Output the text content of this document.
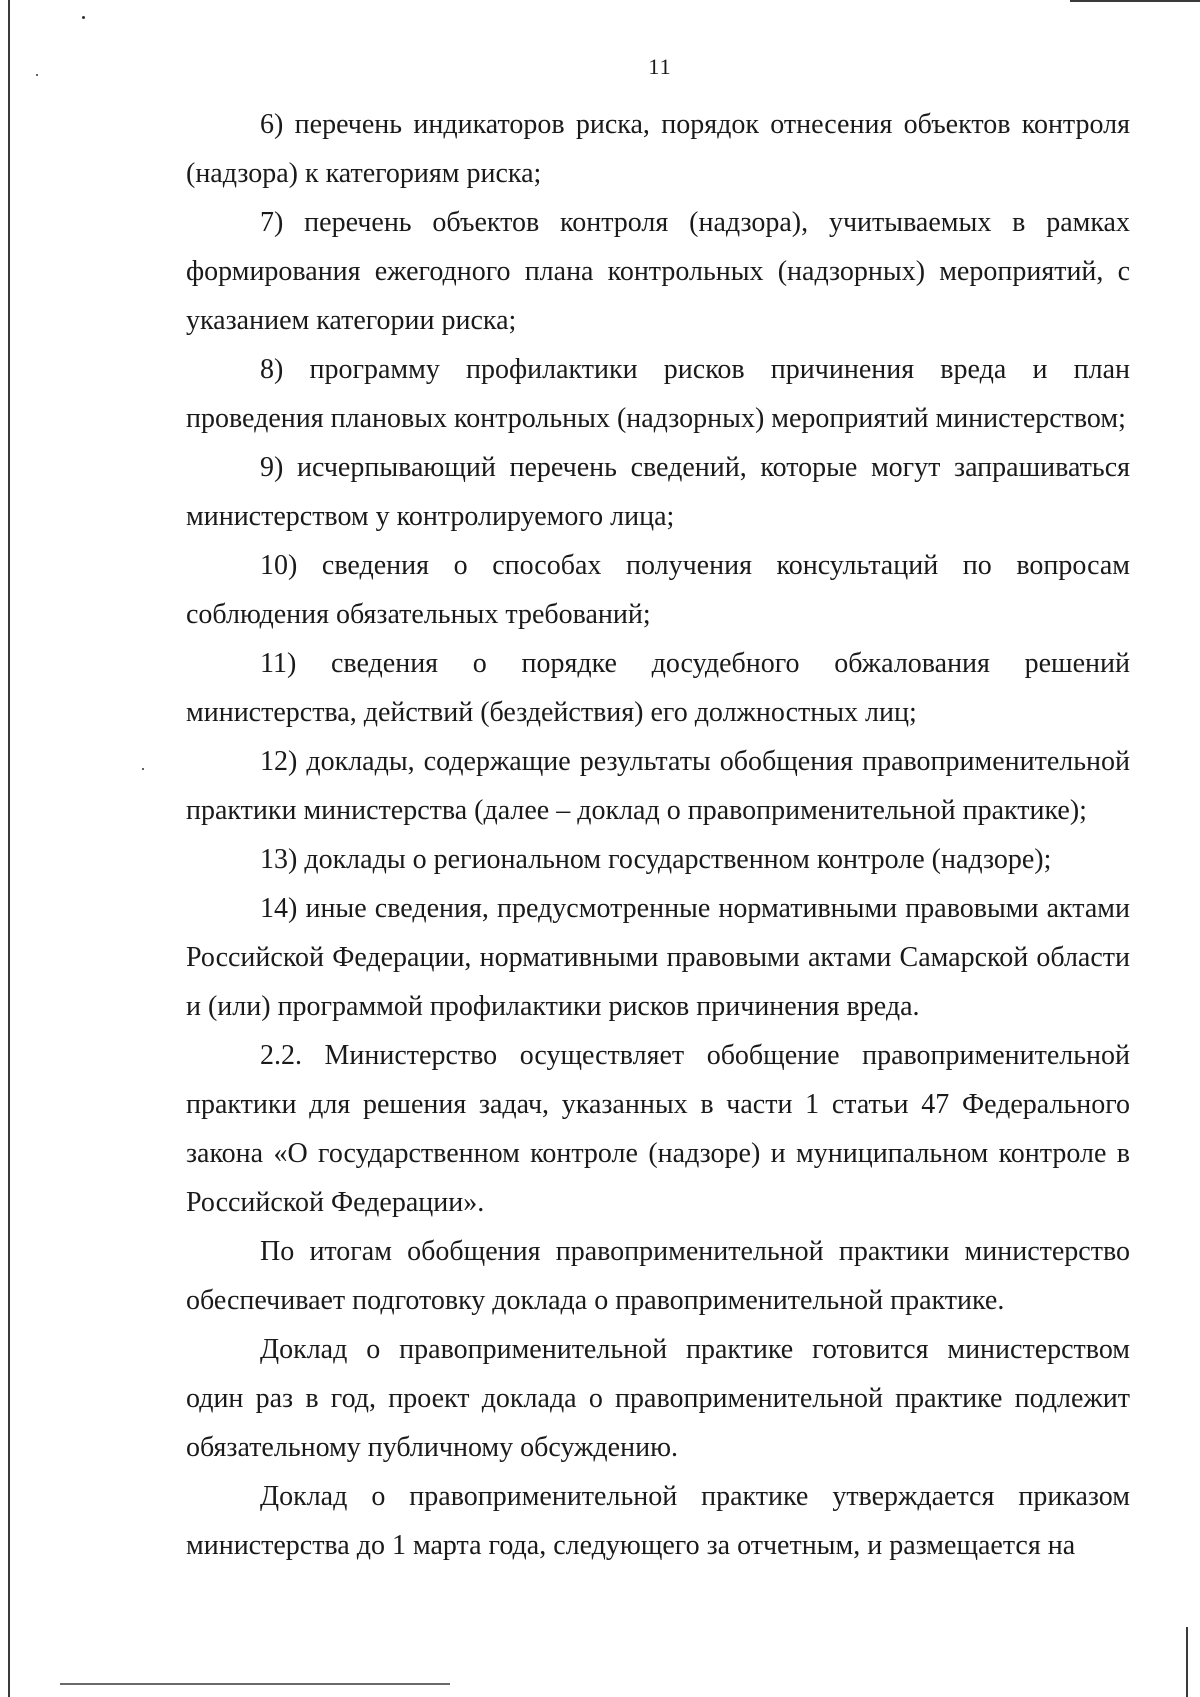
11

6) перечень индикаторов риска, порядок отнесения объектов контроля (надзора) к категориям риска;

7) перечень объектов контроля (надзора), учитываемых в рамках формирования ежегодного плана контрольных (надзорных) мероприятий, с указанием категории риска;

8) программу профилактики рисков причинения вреда и план проведения плановых контрольных (надзорных) мероприятий министерством;

9) исчерпывающий перечень сведений, которые могут запрашиваться министерством у контролируемого лица;

10) сведения о способах получения консультаций по вопросам соблюдения обязательных требований;

11) сведения о порядке досудебного обжалования решений министерства, действий (бездействия) его должностных лиц;

12) доклады, содержащие результаты обобщения правоприменительной практики министерства (далее – доклад о правоприменительной практике);

13) доклады о региональном государственном контроле (надзоре);

14) иные сведения, предусмотренные нормативными правовыми актами Российской Федерации, нормативными правовыми актами Самарской области и (или) программой профилактики рисков причинения вреда.

2.2. Министерство осуществляет обобщение правоприменительной практики для решения задач, указанных в части 1 статьи 47 Федерального закона «О государственном контроле (надзоре) и муниципальном контроле в Российской Федерации».

По итогам обобщения правоприменительной практики министерство обеспечивает подготовку доклада о правоприменительной практике.

Доклад о правоприменительной практике готовится министерством один раз в год, проект доклада о правоприменительной практике подлежит обязательному публичному обсуждению.

Доклад о правоприменительной практике утверждается приказом министерства до 1 марта года, следующего за отчетным, и размещается на
